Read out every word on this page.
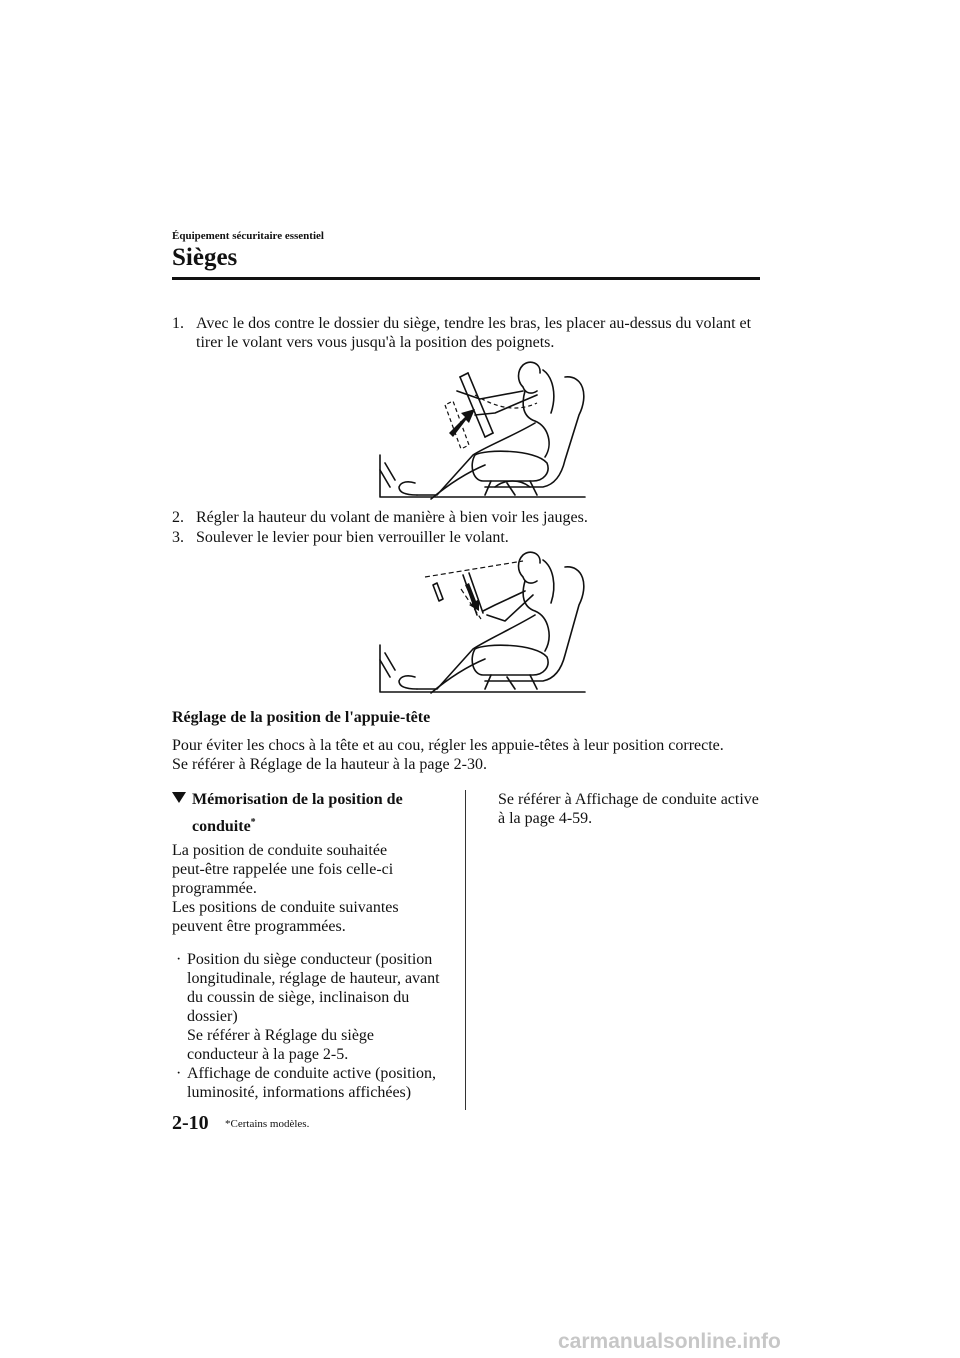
Équipement sécuritaire essentiel
Sièges
1. Avec le dos contre le dossier du siège, tendre les bras, les placer au-dessus du volant et tirer le volant vers vous jusqu'à la position des poignets.
2. Régler la hauteur du volant de manière à bien voir les jauges.
3. Soulever le levier pour bien verrouiller le volant.
Réglage de la position de l'appuie-tête
Pour éviter les chocs à la tête et au cou, régler les appuie-têtes à leur position correcte.
Se référer à Réglage de la hauteur à la page 2-30.
Mémorisation de la position de
conduite*
La position de conduite souhaitée
peut-être rappelée une fois celle-ci
programmée.
Les positions de conduite suivantes
peuvent être programmées.
· Position du siège conducteur (position
longitudinale, réglage de hauteur, avant
du coussin de siège, inclinaison du
dossier)
Se référer à Réglage du siège
conducteur à la page 2-5.
· Affichage de conduite active (position,
luminosité, informations affichées)
Se référer à Affichage de conduite active
à la page 4-59.
2-10 *Certains modèles.
carmanualsonline.info
